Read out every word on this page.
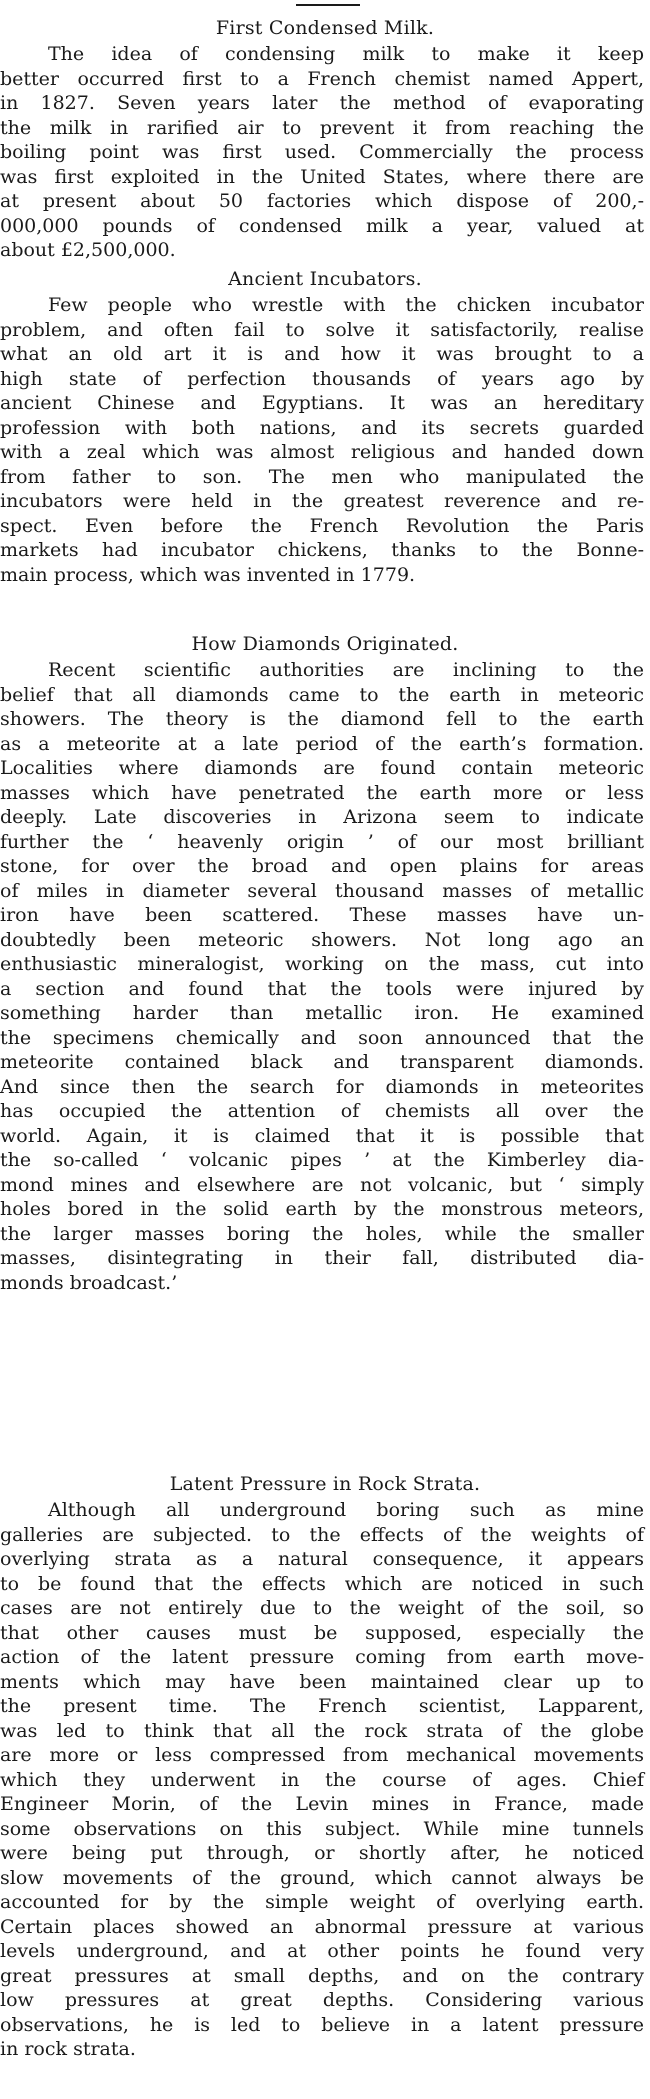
First Condensed Milk.
The idea of condensing milk to make it keep
better occurred first to a French chemist named Appert,
in 1827. Seven years later the method of evaporating
the milk in rarified air to prevent it from reaching the
boiling point was first used. Commercially the process
was first exploited in the United States, where there are
at present about 50 factories which dispose of 200,-
000,000 pounds of condensed milk a year, valued at
about £2,500,000.
Ancient Incubators.
Few people who wrestle with the chicken incubator
problem, and often fail to solve it satisfactorily, realise
what an old art it is and how it was brought to a
high state of perfection thousands of years ago by
ancient Chinese and Egyptians. It was an hereditary
profession with both nations, and its secrets guarded
with a zeal which was almost religious and handed down
from father to son. The men who manipulated the
incubators were held in the greatest reverence and re-
spect. Even before the French Revolution the Paris
markets had incubator chickens, thanks to the Bonne-
main process, which was invented in 1779.
How Diamonds Originated.
Recent scientific authorities are inclining to the
belief that all diamonds came to the earth in meteoric
showers. The theory is the diamond fell to the earth
as a meteorite at a late period of the earth’s formation.
Localities where diamonds are found contain meteoric
masses which have penetrated the earth more or less
deeply. Late discoveries in Arizona seem to indicate
further the ‘ heavenly origin ’ of our most brilliant
stone, for over the broad and open plains for areas
of miles in diameter several thousand masses of metallic
iron have been scattered. These masses have un-
doubtedly been meteoric showers. Not long ago an
enthusiastic mineralogist, working on the mass, cut into
a section and found that the tools were injured by
something harder than metallic iron. He examined
the specimens chemically and soon announced that the
meteorite contained black and transparent diamonds.
And since then the search for diamonds in meteorites
has occupied the attention of chemists all over the
world. Again, it is claimed that it is possible that
the so-called ‘ volcanic pipes ’ at the Kimberley dia-
mond mines and elsewhere are not volcanic, but ‘ simply
holes bored in the solid earth by the monstrous meteors,
the larger masses boring the holes, while the smaller
masses, disintegrating in their fall, distributed dia-
monds broadcast.’
Latent Pressure in Rock Strata.
Although all underground boring such as mine
galleries are subjected. to the effects of the weights of
overlying strata as a natural consequence, it appears
to be found that the effects which are noticed in such
cases are not entirely due to the weight of the soil, so
that other causes must be supposed, especially the
action of the latent pressure coming from earth move-
ments which may have been maintained clear up to
the present time. The French scientist, Lapparent,
was led to think that all the rock strata of the globe
are more or less compressed from mechanical movements
which they underwent in the course of ages. Chief
Engineer Morin, of the Levin mines in France, made
some observations on this subject. While mine tunnels
were being put through, or shortly after, he noticed
slow movements of the ground, which cannot always be
accounted for by the simple weight of overlying earth.
Certain places showed an abnormal pressure at various
levels underground, and at other points he found very
great pressures at small depths, and on the contrary
low pressures at great depths. Considering various
observations, he is led to believe in a latent pressure
in rock strata.
